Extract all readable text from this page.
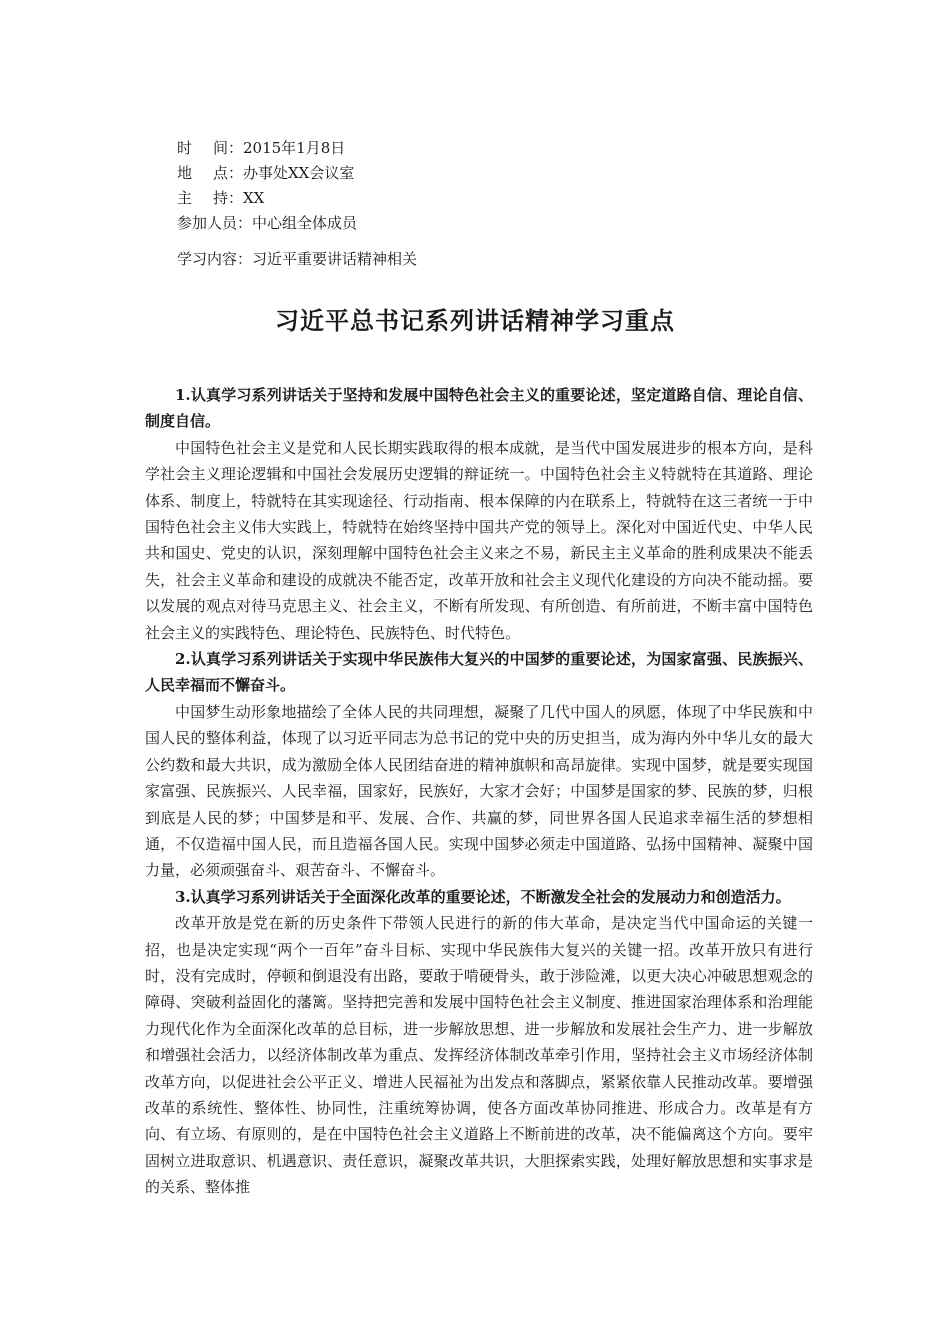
时 间： 2015年1月8日
地 点： 办事处XX会议室
主 持： XX
参加人员： 中心组全体成员
学习内容： 习近平重要讲话精神相关
习近平总书记系列讲话精神学习重点

1.认真学习系列讲话关于坚持和发展中国特色社会主义的重要论述，坚定道路自信、理论自信、制度自信。

中国特色社会主义是党和人民长期实践取得的根本成就，是当代中国发展进步的根本方向，是科学社会主义理论逻辑和中国社会发展历史逻辑的辩证统一。中国特色社会主义特就特在其道路、理论体系、制度上，特就特在其实现途径、行动指南、根本保障的内在联系上，特就特在这三者统一于中国特色社会主义伟大实践上，特就特在始终坚持中国共产党的领导上。深化对中国近代史、中华人民共和国史、党史的认识，深刻理解中国特色社会主义来之不易，新民主主义革命的胜利成果决不能丢失，社会主义革命和建设的成就决不能否定，改革开放和社会主义现代化建设的方向决不能动摇。要以发展的观点对待马克思主义、社会主义，不断有所发现、有所创造、有所前进，不断丰富中国特色社会主义的实践特色、理论特色、民族特色、时代特色。

2.认真学习系列讲话关于实现中华民族伟大复兴的中国梦的重要论述，为国家富强、民族振兴、人民幸福而不懈奋斗。

中国梦生动形象地描绘了全体人民的共同理想，凝聚了几代中国人的夙愿，体现了中华民族和中国人民的整体利益，体现了以习近平同志为总书记的党中央的历史担当，成为海内外中华儿女的最大公约数和最大共识，成为激励全体人民团结奋进的精神旗帜和高昂旋律。实现中国梦，就是要实现国家富强、民族振兴、人民幸福，国家好，民族好，大家才会好；中国梦是国家的梦、民族的梦，归根到底是人民的梦；中国梦是和平、发展、合作、共赢的梦，同世界各国人民追求幸福生活的梦想相通，不仅造福中国人民，而且造福各国人民。实现中国梦必须走中国道路、弘扬中国精神、凝聚中国力量，必须顽强奋斗、艰苦奋斗、不懈奋斗。

3.认真学习系列讲话关于全面深化改革的重要论述，不断激发全社会的发展动力和创造活力。

改革开放是党在新的历史条件下带领人民进行的新的伟大革命，是决定当代中国命运的关键一招，也是决定实现“两个一百年”奋斗目标、实现中华民族伟大复兴的关键一招。改革开放只有进行时，没有完成时，停顿和倒退没有出路，要敢于啃硬骨头，敢于涉险滩，以更大决心冲破思想观念的障碍、突破利益固化的藩篱。坚持把完善和发展中国特色社会主义制度、推进国家治理体系和治理能力现代化作为全面深化改革的总目标，进一步解放思想、进一步解放和发展社会生产力、进一步解放和增强社会活力，以经济体制改革为重点、发挥经济体制改革牵引作用，坚持社会主义市场经济体制改革方向，以促进社会公平正义、增进人民福祉为出发点和落脚点，紧紧依靠人民推动改革。要增强改革的系统性、整体性、协同性，注重统筹协调，使各方面改革协同推进、形成合力。改革是有方向、有立场、有原则的，是在中国特色社会主义道路上不断前进的改革，决不能偏离这个方向。要牢固树立进取意识、机遇意识、责任意识，凝聚改革共识，大胆探索实践，处理好解放思想和实事求是的关系、整体推
